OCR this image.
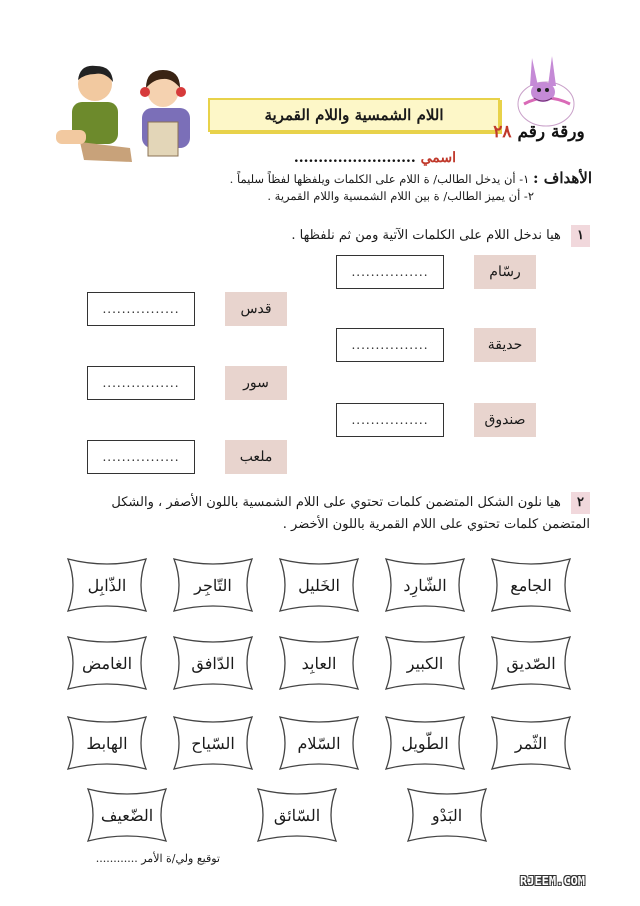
اللام الشمسية واللام القمرية
ورقة رقم ٢٨
اسمي .........................
الأهداف : ١- أن يدخل الطالب/ ة اللام على الكلمات ويلفظها لفظاً سليماً .
٢- أن يميز الطالب/ ة بين اللام الشمسية واللام القمرية .
١ هيا ندخل اللام على الكلمات الآتية ومن ثم نلفظها .
رسّام
................
حديقة
................
صندوق
................
قدس
................
سور
................
ملعب
................
٢ هيا نلون الشكل المتضمن كلمات تحتوي على اللام الشمسية باللون الأصفر ، والشكل
المتضمن كلمات تحتوي على اللام القمرية باللون الأخضر .
الجامع
الشّارِد
الخَليل
التّاجِر
الذّابِل
الصّديق
الكبير
العابِد
الدّافق
الغامض
الثّمر
الطّويل
السّلام
السّياح
الهابط
البَدْو
السّائق
الضّعيف
توقيع ولي/ة الأمر ............
RJEEM.COM
